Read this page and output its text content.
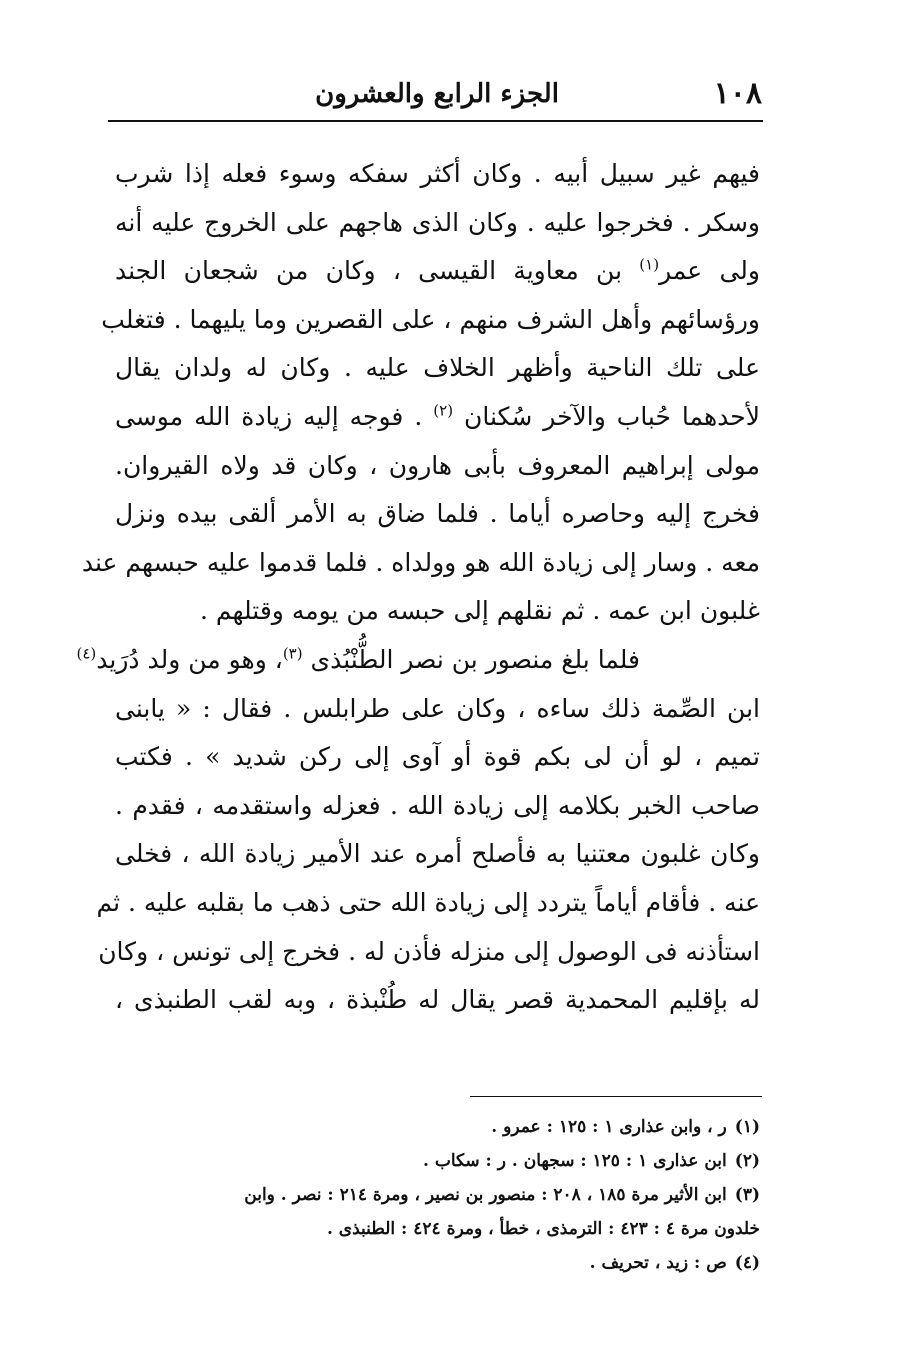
١٠٨
الجزء الرابع والعشرون
فيهم غير سبيل أبيه . وكان أكثر سفكه وسوء فعله إذا شرب
وسكر . فخرجوا عليه . وكان الذى هاجهم على الخروج عليه أنه
ولى عمر$^{(١)}$ بن معاوية القيسى ، وكان من شجعان الجند
ورؤسائهم وأهل الشرف منهم ، على القصرين وما يليهما . فتغلب
على تلك الناحية وأظهر الخلاف عليه . وكان له ولدان يقال
لأحدهما حُباب والآخر سُكنان $^{(٢)}$ . فوجه إليه زيادة الله موسى
مولى إبراهيم المعروف بأبى هارون ، وكان قد ولاه القيروان.
فخرج إليه وحاصره أياما . فلما ضاق به الأمر ألقى بيده ونزل
معه . وسار إلى زيادة الله هو وولداه . فلما قدموا عليه حبسهم عند
غلبون ابن عمه . ثم نقلهم إلى حبسه من يومه وقتلهم .
فلما بلغ منصور بن نصر الطُّنْبُذى $^{(٣)}$، وهو من ولد دُرَيد$^{(٤)}$
ابن الصِّمة ذلك ساءه ، وكان على طرابلس . فقال : « يابنى
تميم ، لو أن لى بكم قوة أو آوى إلى ركن شديد » . فكتب
صاحب الخبر بكلامه إلى زيادة الله . فعزله واستقدمه ، فقدم .
وكان غلبون معتنيا به فأصلح أمره عند الأمير زيادة الله ، فخلى
عنه . فأقام أياماً يتردد إلى زيادة الله حتى ذهب ما بقلبه عليه . ثم
استأذنه فى الوصول إلى منزله فأذن له . فخرج إلى تونس ، وكان
له بإقليم المحمدية قصر يقال له طُنْبذة ، وبه لقب الطنبذى ،
(١)ر ، وابن عذارى ١ : ١٢٥ : عمرو .
(٢)ابن عذارى ١ : ١٢٥ : سجهان . ر : سكاب .
(٣)ابن الأثير مرة ١٨٥ ، ٢٠٨ : منصور بن نصير ، ومرة ٢١٤ : نصر . وابن
خلدون مرة ٤ : ٤٢٣ : الترمذى ، خطأ ، ومرة ٤٢٤ : الطنبذى .
(٤)ص : زيد ، تحريف .
